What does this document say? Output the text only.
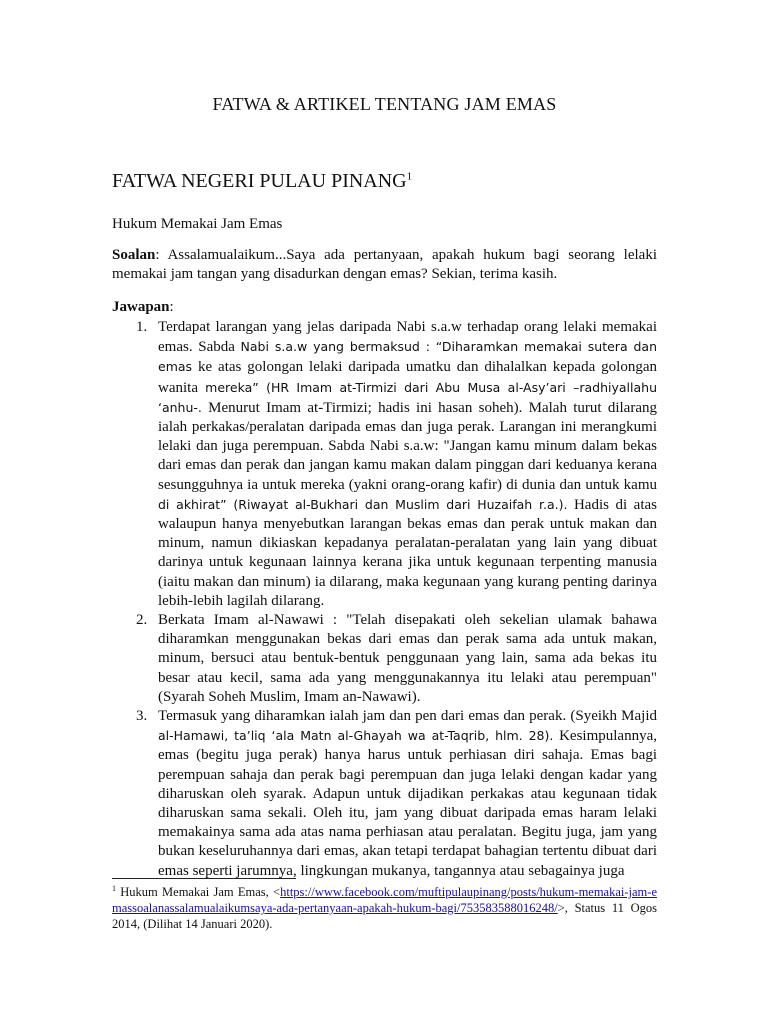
FATWA & ARTIKEL TENTANG JAM EMAS
FATWA NEGERI PULAU PINANG$^1$
Hukum Memakai Jam Emas
Soalan: Assalamualaikum...Saya ada pertanyaan, apakah hukum bagi seorang lelaki memakai jam tangan yang disadurkan dengan emas? Sekian, terima kasih.
Jawapan:
1. Terdapat larangan yang jelas daripada Nabi s.a.w terhadap orang lelaki memakai emas. Sabda Nabi s.a.w yang bermaksud : “Diharamkan memakai sutera dan emas ke atas golongan lelaki daripada umatku dan dihalalkan kepada golongan wanita mereka” (HR Imam at-Tirmizi dari Abu Musa al-Asy’ari –radhiyallahu ‘anhu-. Menurut Imam at-Tirmizi; hadis ini hasan soheh). Malah turut dilarang ialah perkakas/peralatan daripada emas dan juga perak. Larangan ini merangkumi lelaki dan juga perempuan. Sabda Nabi s.a.w: "Jangan kamu minum dalam bekas dari emas dan perak dan jangan kamu makan dalam pinggan dari keduanya kerana sesungguhnya ia untuk mereka (yakni orang-orang kafir) di dunia dan untuk kamu di akhirat” (Riwayat al-Bukhari dan Muslim dari Huzaifah r.a.). Hadis di atas walaupun hanya menyebutkan larangan bekas emas dan perak untuk makan dan minum, namun dikiaskan kepadanya peralatan-peralatan yang lain yang dibuat darinya untuk kegunaan lainnya kerana jika untuk kegunaan terpenting manusia (iaitu makan dan minum) ia dilarang, maka kegunaan yang kurang penting darinya lebih-lebih lagilah dilarang.
2. Berkata Imam al-Nawawi : "Telah disepakati oleh sekelian ulamak bahawa diharamkan menggunakan bekas dari emas dan perak sama ada untuk makan, minum, bersuci atau bentuk-bentuk penggunaan yang lain, sama ada bekas itu besar atau kecil, sama ada yang menggunakannya itu lelaki atau perempuan" (Syarah Soheh Muslim, Imam an-Nawawi).
3. Termasuk yang diharamkan ialah jam dan pen dari emas dan perak. (Syeikh Majid al-Hamawi, ta’liq ‘ala Matn al-Ghayah wa at-Taqrib, hlm. 28). Kesimpulannya, emas (begitu juga perak) hanya harus untuk perhiasan diri sahaja. Emas bagi perempuan sahaja dan perak bagi perempuan dan juga lelaki dengan kadar yang diharuskan oleh syarak. Adapun untuk dijadikan perkakas atau kegunaan tidak diharuskan sama sekali. Oleh itu, jam yang dibuat daripada emas haram lelaki memakainya sama ada atas nama perhiasan atau peralatan. Begitu juga, jam yang bukan keseluruhannya dari emas, akan tetapi terdapat bahagian tertentu dibuat dari emas seperti jarumnya, lingkungan mukanya, tangannya atau sebagainya juga
$^1$ Hukum Memakai Jam Emas, <https://www.facebook.com/muftipulaupinang/posts/hukum-memakai-jam-emassoalanassalamualaikumsaya-ada-pertanyaan-apakah-hukum-bagi/753583588016248/>, Status 11 Ogos 2014, (Dilihat 14 Januari 2020).
